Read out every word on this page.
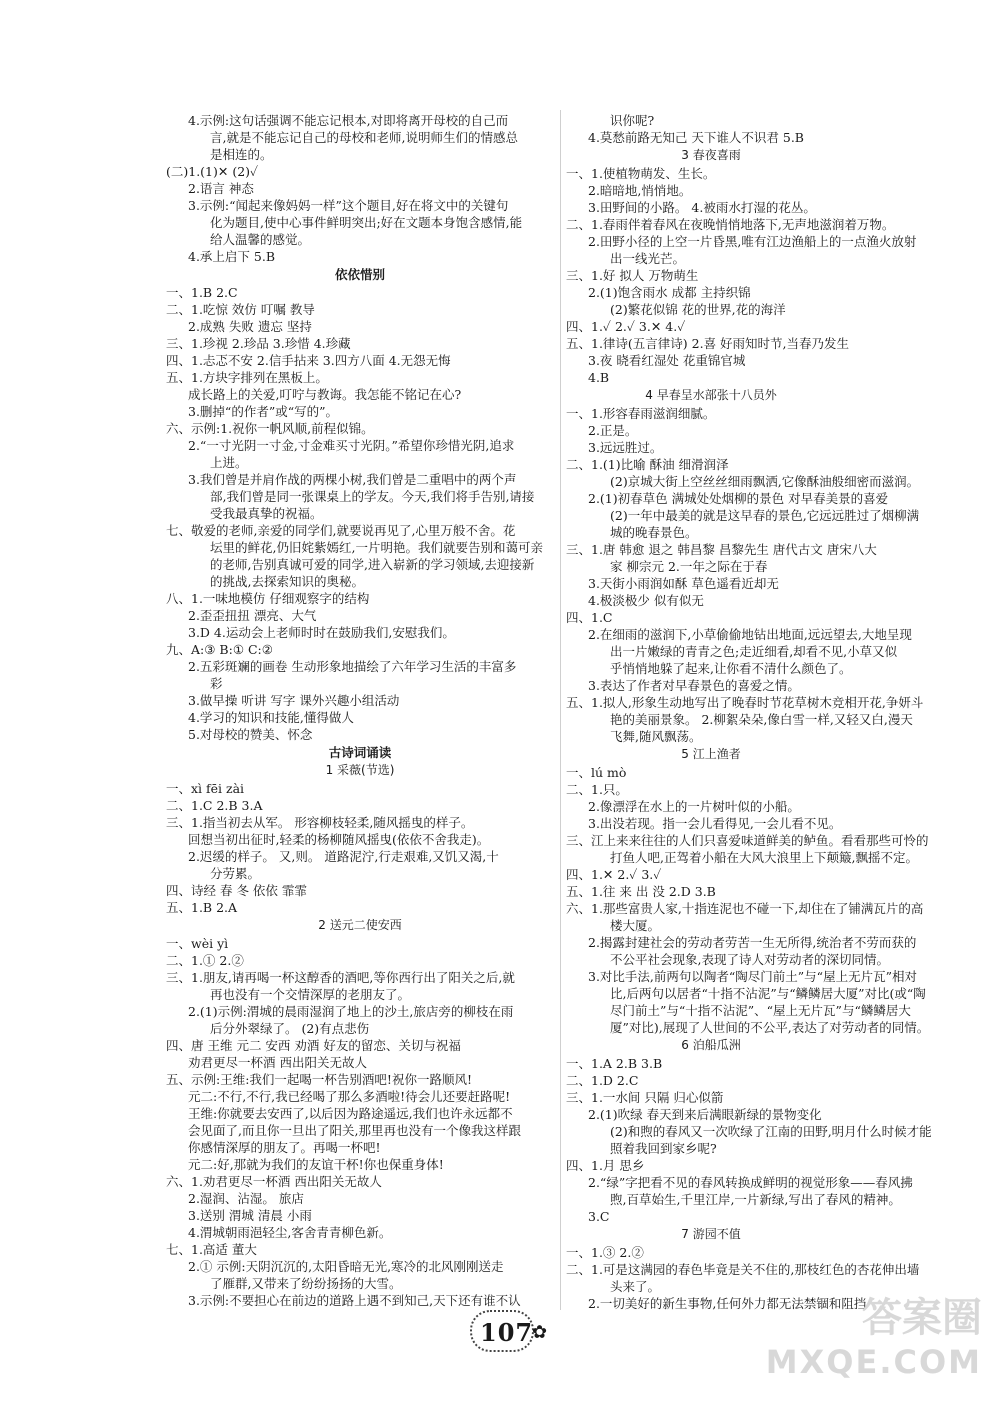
4.示例:这句话强调不能忘记根本,对即将离开母校的自己而
言,就是不能忘记自己的母校和老师,说明师生们的情感总
是相连的。
(二)1.(1)✕ (2)✓
2.语言 神态
3.示例:“闻起来像妈妈一样”这个题目,好在将文中的关键句
化为题目,使中心事件鲜明突出;好在文题本身饱含感情,能
给人温馨的感觉。
4.承上启下 5.B
依依惜别
一、1.B 2.C
二、1.吃惊 效仿 叮嘱 教导
2.成熟 失败 遗忘 坚持
三、1.珍视 2.珍品 3.珍惜 4.珍藏
四、1.忐忑不安 2.信手拈来 3.四方八面 4.无怨无悔
五、1.方块字排列在黑板上。
成长路上的关爱,叮咛与教诲。我怎能不铭记在心?
3.删掉“的作者”或“写的”。
六、示例:1.祝你一帆风顺,前程似锦。
2.“一寸光阴一寸金,寸金难买寸光阴。”希望你珍惜光阴,追求
上进。
3.我们曾是并肩作战的两棵小树,我们曾是二重唱中的两个声
部,我们曾是同一张课桌上的学友。今天,我们将手告别,请接
受我最真挚的祝福。
七、敬爱的老师,亲爱的同学们,就要说再见了,心里万般不舍。花
坛里的鲜花,仍旧姹紫嫣红,一片明艳。我们就要告别和蔼可亲
的老师,告别真诚可爱的同学,进入崭新的学习领域,去迎接新
的挑战,去探索知识的奥秘。
八、1.一味地模仿 仔细观察字的结构
2.歪歪扭扭 漂亮、大气
3.D 4.运动会上老师时时在鼓励我们,安慰我们。
九、A:③ B:① C:②
2.五彩斑斓的画卷 生动形象地描绘了六年学习生活的丰富多
彩
3.做早操 听讲 写字 课外兴趣小组活动
4.学习的知识和技能,懂得做人
5.对母校的赞美、怀念
古诗词诵读
1 采薇(节选)
一、xì fēi zài
二、1.C 2.B 3.A
三、1.指当初去从军。 形容柳枝轻柔,随风摇曳的样子。
回想当初出征时,轻柔的杨柳随风摇曳(依依不舍我走)。
2.迟缓的样子。 又,则。 道路泥泞,行走艰难,又饥又渴,十
分劳累。
四、诗经 春 冬 依依 霏霏
五、1.B 2.A
2 送元二使安西
一、wèi yì
二、1.① 2.②
三、1.朋友,请再喝一杯这醇香的酒吧,等你西行出了阳关之后,就
再也没有一个交情深厚的老朋友了。
2.(1)示例:渭城的晨雨湿润了地上的沙土,旅店旁的柳枝在雨
后分外翠绿了。 (2)有点悲伤
四、唐 王维 元二 安西 劝酒 好友的留恋、关切与祝福
劝君更尽一杯酒 西出阳关无故人
五、示例:王维:我们一起喝一杯告别酒吧!祝你一路顺风!
元二:不行,不行,我已经喝了那么多酒啦!待会儿还要赶路呢!
王维:你就要去安西了,以后因为路途遥远,我们也许永远都不
会见面了,而且你一旦出了阳关,那里再也没有一个像我这样跟
你感情深厚的朋友了。再喝一杯吧!
元二:好,那就为我们的友谊干杯!你也保重身体!
六、1.劝君更尽一杯酒 西出阳关无故人
2.湿润、沾湿。 旅店
3.送别 渭城 清晨 小雨
4.渭城朝雨浥轻尘,客舍青青柳色新。
七、1.高适 董大
2.① 示例:天阴沉沉的,太阳昏暗无光,寒冷的北风刚刚送走
了雁群,又带来了纷纷扬扬的大雪。
3.示例:不要担心在前边的道路上遇不到知己,天下还有谁不认
识你呢?
4.莫愁前路无知己 天下谁人不识君 5.B
3 春夜喜雨
一、1.使植物萌发、生长。
2.暗暗地,悄悄地。
3.田野间的小路。 4.被雨水打湿的花丛。
二、1.春雨伴着春风在夜晚悄悄地落下,无声地滋润着万物。
2.田野小径的上空一片昏黑,唯有江边渔船上的一点渔火放射
出一线光芒。
三、1.好 拟人 万物萌生
2.(1)饱含雨水 成都 主持织锦
(2)繁花似锦 花的世界,花的海洋
四、1.✓ 2.✓ 3.✕ 4.✓
五、1.律诗(五言律诗) 2.喜 好雨知时节,当春乃发生
3.夜 晓看红湿处 花重锦官城
4.B
4 早春呈水部张十八员外
一、1.形容春雨滋润细腻。
2.正是。
3.远远胜过。
二、1.(1)比喻 酥油 细滑润泽
(2)京城大街上空丝丝细雨飘洒,它像酥油般细密而滋润。
2.(1)初春草色 满城处处烟柳的景色 对早春美景的喜爱
(2)一年中最美的就是这早春的景色,它远远胜过了烟柳满
城的晚春景色。
三、1.唐 韩愈 退之 韩昌黎 昌黎先生 唐代古文 唐宋八大
家 柳宗元 2.一年之际在于春
3.天街小雨润如酥 草色遥看近却无
4.极淡极少 似有似无
四、1.C
2.在细雨的滋润下,小草偷偷地钻出地面,远远望去,大地呈现
出一片嫩绿的青青之色;走近细看,却看不见,小草又似
乎悄悄地躲了起来,让你看不清什么颜色了。
3.表达了作者对早春景色的喜爱之情。
五、1.拟人,形象生动地写出了晚春时节花草树木竞相开花,争妍斗
艳的美丽景象。 2.柳絮朵朵,像白雪一样,又轻又白,漫天
飞舞,随风飘荡。
5 江上渔者
一、lú mò
二、1.只。
2.像漂浮在水上的一片树叶似的小船。
3.出没若现。指一会儿看得见,一会儿看不见。
三、江上来来往往的人们只喜爱味道鲜美的鲈鱼。看看那些可怜的
打鱼人吧,正驾着小船在大风大浪里上下颠簸,飘摇不定。
四、1.✕ 2.✓ 3.✓
五、1.往 来 出 没 2.D 3.B
六、1.那些富贵人家,十指连泥也不碰一下,却住在了铺满瓦片的高
楼大厦。
2.揭露封建社会的劳动者劳苦一生无所得,统治者不劳而获的
不公平社会现象,表现了诗人对劳动者的深切同情。
3.对比手法,前两句以陶者“陶尽门前土”与“屋上无片瓦”相对
比,后两句以居者“十指不沾泥”与“鳞鳞居大厦”对比(或“陶
尽门前土”与“十指不沾泥”、“屋上无片瓦”与“鳞鳞居大
厦”对比),展现了人世间的不公平,表达了对劳动者的同情。
6 泊船瓜洲
一、1.A 2.B 3.B
二、1.D 2.C
三、1.一水间 只隔 归心似箭
2.(1)吹绿 春天到来后满眼新绿的景物变化
(2)和煦的春风又一次吹绿了江南的田野,明月什么时候才能
照着我回到家乡呢?
四、1.月 思乡
2.“绿”字把看不见的春风转换成鲜明的视觉形象——春风拂
煦,百草始生,千里江岸,一片新绿,写出了春风的精神。
3.C
7 游园不值
一、1.③ 2.②
二、1.可是这满园的春色毕竟是关不住的,那枝红色的杏花伸出墙
头来了。
2.一切美好的新生事物,任何外力都无法禁锢和阻挡
107
✿	答案圈
MXQE.COM
